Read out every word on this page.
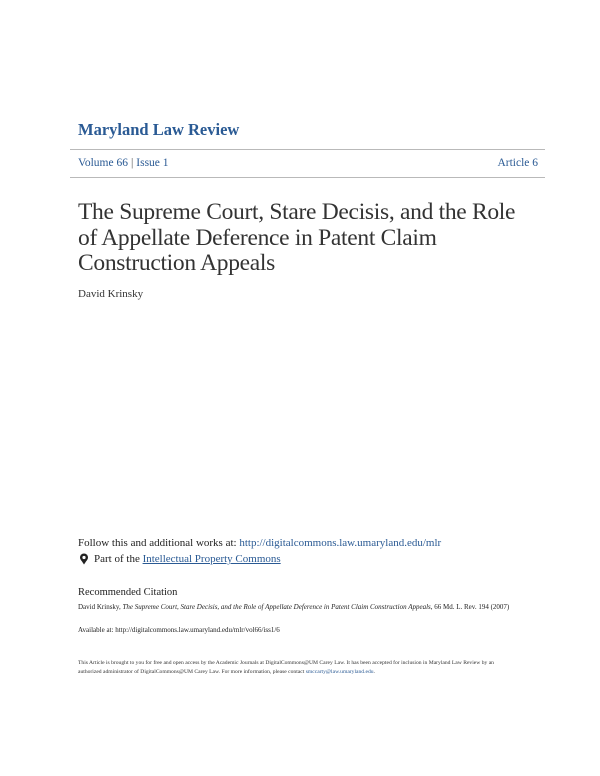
Maryland Law Review
Volume 66 | Issue 1	Article 6
The Supreme Court, Stare Decisis, and the Role of Appellate Deference in Patent Claim Construction Appeals
David Krinsky
Follow this and additional works at: http://digitalcommons.law.umaryland.edu/mlr
Part of the
Intellectual Property Commons
Recommended Citation
David Krinsky, The Supreme Court, Stare Decisis, and the Role of Appellate Deference in Patent Claim Construction Appeals, 66 Md. L. Rev. 194 (2007)
Available at: http://digitalcommons.law.umaryland.edu/mlr/vol66/iss1/6
This Article is brought to you for free and open access by the Academic Journals at DigitalCommons@UM Carey Law. It has been accepted for inclusion in Maryland Law Review by an authorized administrator of DigitalCommons@UM Carey Law. For more information, please contact smccarty@law.umaryland.edu.
